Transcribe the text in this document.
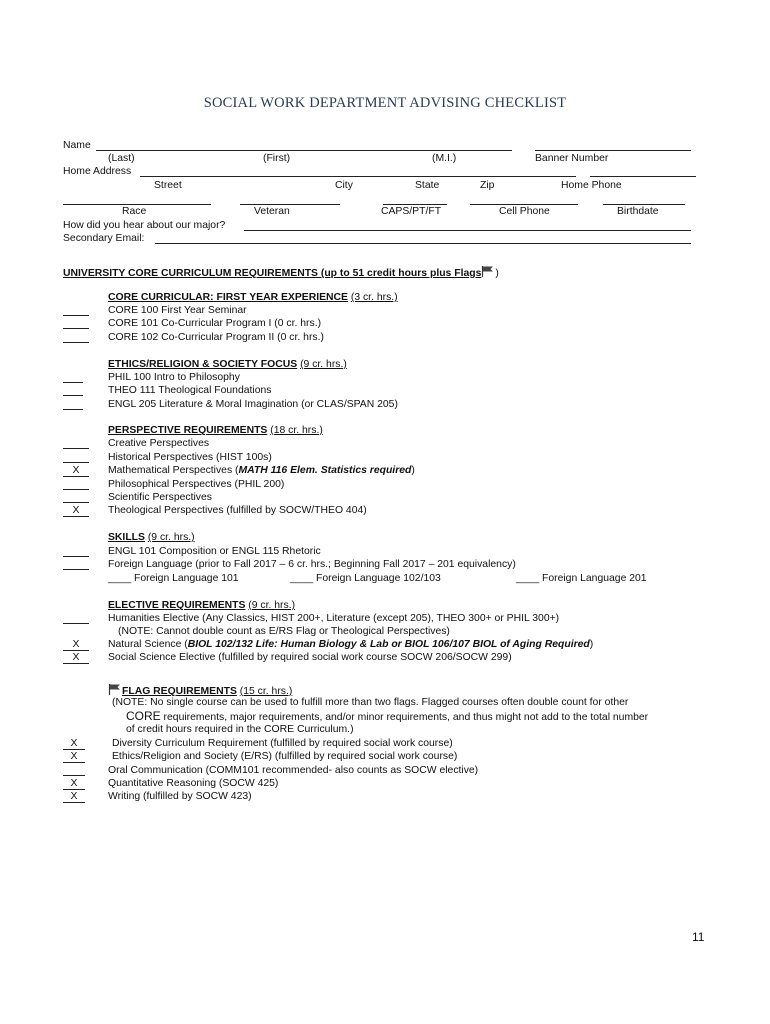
SOCIAL WORK DEPARTMENT ADVISING CHECKLIST
Name
(Last)	(First)	(M.I.)	Banner Number
Home Address
Street	City	State	Zip	Home Phone
Race	Veteran	CAPS/PT/FT	Cell Phone	Birthdate
How did you hear about our major?
Secondary Email:
UNIVERSITY CORE CURRICULUM REQUIREMENTS (up to 51 credit hours plus Flags )
CORE CURRICULAR: FIRST YEAR EXPERIENCE (3 cr. hrs.)
CORE 100 First Year Seminar
CORE 101 Co-Curricular Program I (0 cr. hrs.)
CORE 102 Co-Curricular Program II (0 cr. hrs.)
ETHICS/RELIGION & SOCIETY FOCUS (9 cr. hrs.)
PHIL 100 Intro to Philosophy
THEO 111 Theological Foundations
ENGL 205 Literature & Moral Imagination (or CLAS/SPAN 205)
PERSPECTIVE REQUIREMENTS (18 cr. hrs.)
Creative Perspectives
Historical Perspectives (HIST 100s)
X	Mathematical Perspectives (MATH 116 Elem. Statistics required)
Philosophical Perspectives (PHIL 200)
Scientific Perspectives
X	Theological Perspectives (fulfilled by SOCW/THEO 404)
SKILLS (9 cr. hrs.)
ENGL 101 Composition or ENGL 115 Rhetoric
Foreign Language (prior to Fall 2017 – 6 cr. hrs.; Beginning Fall 2017 – 201 equivalency)
____ Foreign Language 101	____ Foreign Language 102/103	____ Foreign Language 201
ELECTIVE REQUIREMENTS (9 cr. hrs.)
Humanities Elective (Any Classics, HIST 200+, Literature (except 205), THEO 300+ or PHIL 300+)
(NOTE: Cannot double count as E/RS Flag or Theological Perspectives)
X	Natural Science (BIOL 102/132 Life: Human Biology & Lab or BIOL 106/107 BIOL of Aging Required)
X	Social Science Elective (fulfilled by required social work course SOCW 206/SOCW 299)
FLAG REQUIREMENTS (15 cr. hrs.)
(NOTE: No single course can be used to fulfill more than two flags. Flagged courses often double count for other
CORE requirements, major requirements, and/or minor requirements, and thus might not add to the total number
of credit hours required in the CORE Curriculum.)
X	Diversity Curriculum Requirement (fulfilled by required social work course)
X	Ethics/Religion and Society (E/RS) (fulfilled by required social work course)
Oral Communication (COMM101 recommended- also counts as SOCW elective)
X	Quantitative Reasoning (SOCW 425)
X	Writing (fulfilled by SOCW 423)
11
